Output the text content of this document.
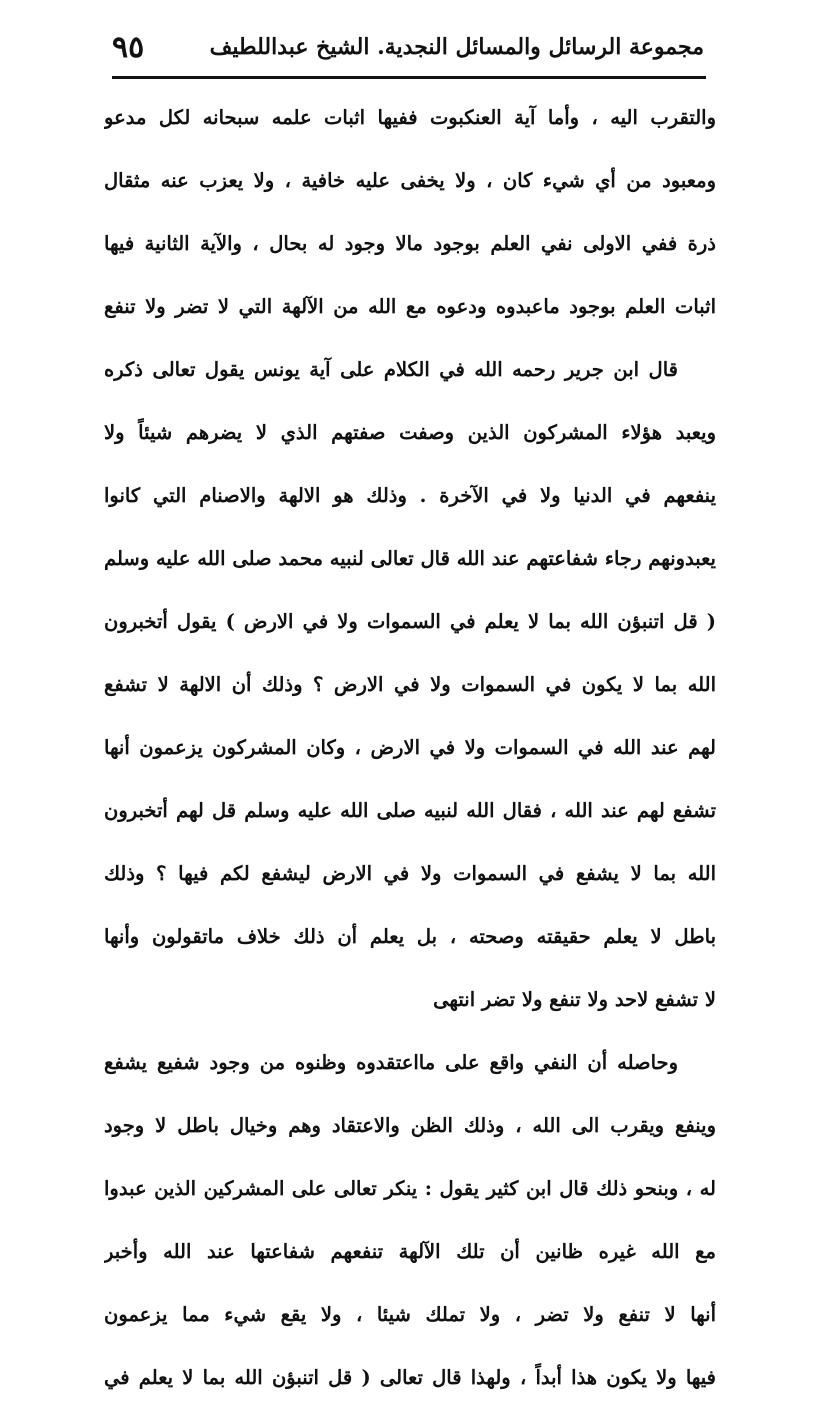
مجموعة الرسائل والمسائل النجدية. الشيخ عبداللطيف
٩٥
والتقرب اليه ، وأما آية العنكبوت ففيها اثبات علمه سبحانه لكل مدعو
ومعبود من أي شيء كان ، ولا يخفى عليه خافية ، ولا يعزب عنه مثقال
ذرة ففي الاولى نفي العلم بوجود مالا وجود له بحال ، والآية الثانية فيها
اثبات العلم بوجود ماعبدوه ودعوه مع الله من الآلهة التي لا تضر ولا تنفع
قال ابن جرير رحمه الله في الكلام على آية يونس يقول تعالى ذكره
ويعبد هؤلاء المشركون الذين وصفت صفتهم الذي لا يضرهم شيئاً ولا
ينفعهم في الدنيا ولا في الآخرة . وذلك هو الالهة والاصنام التي كانوا
يعبدونهم رجاء شفاعتهم عند الله قال تعالى لنبيه محمد صلى الله عليه وسلم
( قل اتنبؤن الله بما لا يعلم في السموات ولا في الارض ) يقول أتخبرون
الله بما لا يكون في السموات ولا في الارض ؟ وذلك أن الالهة لا تشفع
لهم عند الله في السموات ولا في الارض ، وكان المشركون يزعمون أنها
تشفع لهم عند الله ، فقال الله لنبيه صلى الله عليه وسلم قل لهم أتخبرون
الله بما لا يشفع في السموات ولا في الارض ليشفع لكم فيها ؟ وذلك
باطل لا يعلم حقيقته وصحته ، بل يعلم أن ذلك خلاف ماتقولون وأنها
لا تشفع لاحد ولا تنفع ولا تضر انتهى
وحاصله أن النفي واقع على مااعتقدوه وظنوه من وجود شفيع يشفع
وينفع ويقرب الى الله ، وذلك الظن والاعتقاد وهم وخيال باطل لا وجود
له ، وبنحو ذلك قال ابن كثير يقول : ينكر تعالى على المشركين الذين عبدوا
مع الله غيره ظانين أن تلك الآلهة تنفعهم شفاعتها عند الله وأخبر
أنها لا تنفع ولا تضر ، ولا تملك شيئا ، ولا يقع شيء مما يزعمون
فيها ولا يكون هذا أبداً ، ولهذا قال تعالى ( قل اتنبؤن الله بما لا يعلم في
